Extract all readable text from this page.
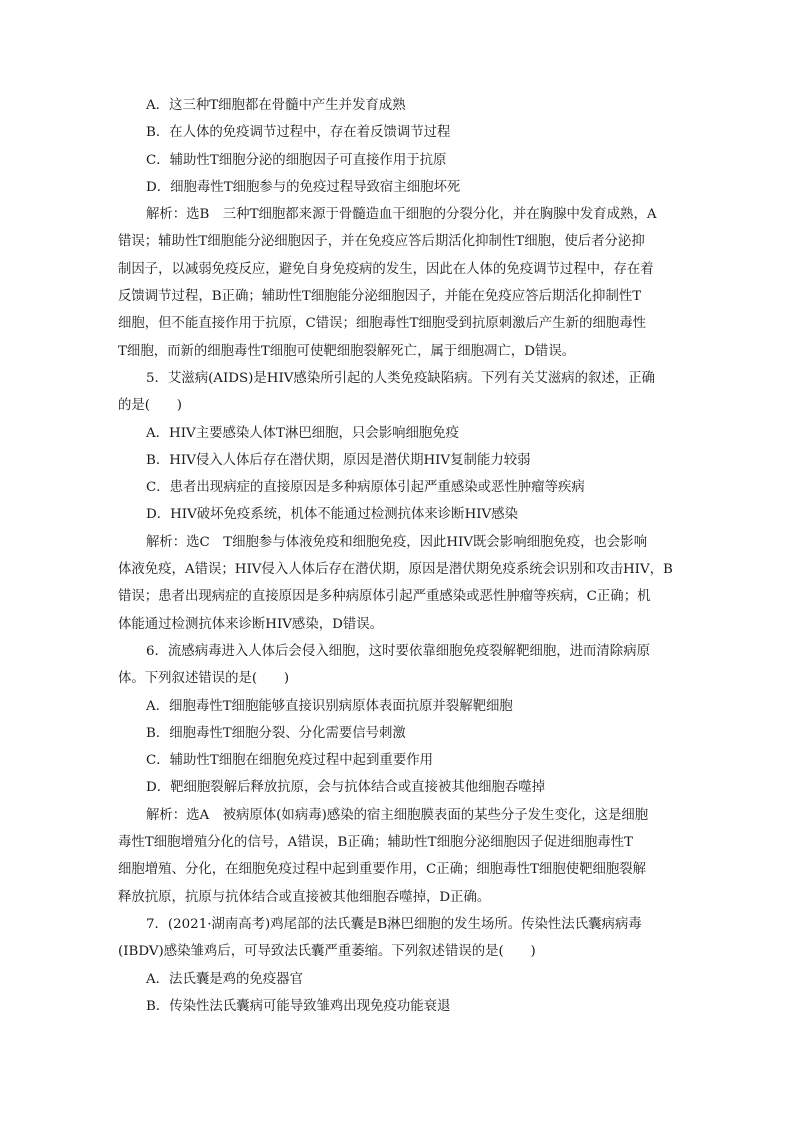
A．这三种T细胞都在骨髓中产生并发育成熟
B．在人体的免疫调节过程中，存在着反馈调节过程
C．辅助性T细胞分泌的细胞因子可直接作用于抗原
D．细胞毒性T细胞参与的免疫过程导致宿主细胞坏死
解析：选B　三种T细胞都来源于骨髓造血干细胞的分裂分化，并在胸腺中发育成熟，A
错误；辅助性T细胞能分泌细胞因子，并在免疫应答后期活化抑制性T细胞，使后者分泌抑
制因子，以减弱免疫反应，避免自身免疫病的发生，因此在人体的免疫调节过程中，存在着
反馈调节过程，B正确；辅助性T细胞能分泌细胞因子，并能在免疫应答后期活化抑制性T
细胞，但不能直接作用于抗原，C错误；细胞毒性T细胞受到抗原刺激后产生新的细胞毒性
T细胞，而新的细胞毒性T细胞可使靶细胞裂解死亡，属于细胞凋亡，D错误。
5．艾滋病(AIDS)是HIV感染所引起的人类免疫缺陷病。下列有关艾滋病的叙述，正确
的是(　　)
A．HIV主要感染人体T淋巴细胞，只会影响细胞免疫
B．HIV侵入人体后存在潜伏期，原因是潜伏期HIV复制能力较弱
C．患者出现病症的直接原因是多种病原体引起严重感染或恶性肿瘤等疾病
D．HIV破坏免疫系统，机体不能通过检测抗体来诊断HIV感染
解析：选C　T细胞参与体液免疫和细胞免疫，因此HIV既会影响细胞免疫，也会影响
体液免疫，A错误；HIV侵入人体后存在潜伏期，原因是潜伏期免疫系统会识别和攻击HIV，B
错误；患者出现病症的直接原因是多种病原体引起严重感染或恶性肿瘤等疾病，C正确；机
体能通过检测抗体来诊断HIV感染，D错误。
6．流感病毒进入人体后会侵入细胞，这时要依靠细胞免疫裂解靶细胞，进而清除病原
体。下列叙述错误的是(　　)
A．细胞毒性T细胞能够直接识别病原体表面抗原并裂解靶细胞
B．细胞毒性T细胞分裂、分化需要信号刺激
C．辅助性T细胞在细胞免疫过程中起到重要作用
D．靶细胞裂解后释放抗原，会与抗体结合或直接被其他细胞吞噬掉
解析：选A　被病原体(如病毒)感染的宿主细胞膜表面的某些分子发生变化，这是细胞
毒性T细胞增殖分化的信号，A错误，B正确；辅助性T细胞分泌细胞因子促进细胞毒性T
细胞增殖、分化，在细胞免疫过程中起到重要作用，C正确；细胞毒性T细胞使靶细胞裂解
释放抗原，抗原与抗体结合或直接被其他细胞吞噬掉，D正确。
7．(2021·湖南高考)鸡尾部的法氏囊是B淋巴细胞的发生场所。传染性法氏囊病病毒
(IBDV)感染雏鸡后，可导致法氏囊严重萎缩。下列叙述错误的是(　　)
A．法氏囊是鸡的免疫器官
B．传染性法氏囊病可能导致雏鸡出现免疫功能衰退
